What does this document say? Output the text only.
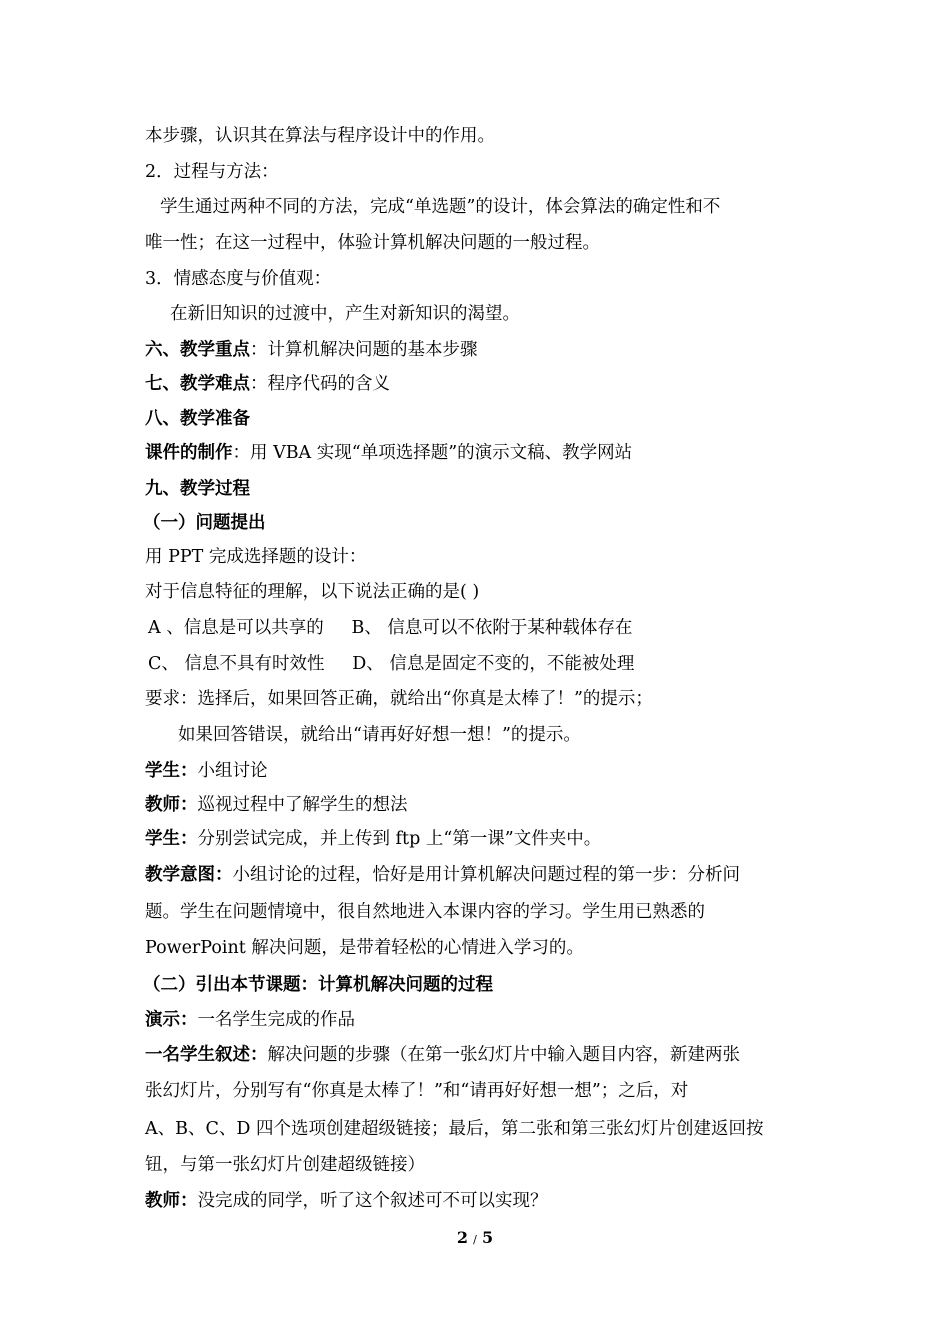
本步骤，认识其在算法与程序设计中的作用。
2．过程与方法：
学生通过两种不同的方法，完成“单选题”的设计，体会算法的确定性和不
唯一性；在这一过程中，体验计算机解决问题的一般过程。
3．情感态度与价值观：
在新旧知识的过渡中，产生对新知识的渴望。
六、教学重点：计算机解决问题的基本步骤
七、教学难点：程序代码的含义
八、教学准备
课件的制作：用 VBA 实现“单项选择题”的演示文稿、教学网站
九、教学过程
（一）问题提出
用 PPT 完成选择题的设计：
对于信息特征的理解，以下说法正确的是( )
A 、信息是可以共享的     B、 信息可以不依附于某种载体存在
C、 信息不具有时效性     D、 信息是固定不变的，不能被处理
要求：选择后，如果回答正确，就给出“你真是太棒了！”的提示；
如果回答错误，就给出“请再好好想一想！”的提示。
学生：小组讨论
教师：巡视过程中了解学生的想法
学生：分别尝试完成，并上传到 ftp 上“第一课”文件夹中。
教学意图：小组讨论的过程，恰好是用计算机解决问题过程的第一步：分析问
题。学生在问题情境中，很自然地进入本课内容的学习。学生用已熟悉的
PowerPoint 解决问题，是带着轻松的心情进入学习的。
（二）引出本节课题：计算机解决问题的过程
演示：一名学生完成的作品
一名学生叙述：解决问题的步骤（在第一张幻灯片中输入题目内容，新建两张
张幻灯片，分别写有“你真是太棒了！”和“请再好好想一想”；之后，对
A、B、C、D 四个选项创建超级链接；最后，第二张和第三张幻灯片创建返回按
钮，与第一张幻灯片创建超级链接）
教师：没完成的同学，听了这个叙述可不可以实现？
2 / 5
